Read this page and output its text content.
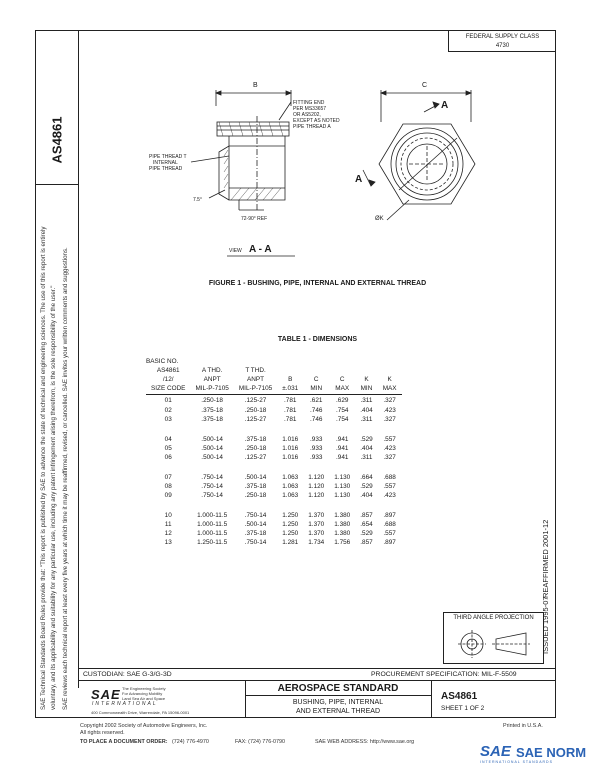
AS4861
SAE Technical Standards Board Rules provide that: "This report is published by SAE to advance the state of technical and engineering sciences. The use of this report is entirely voluntary, and its applicability and suitability for any particular use, including any patent infringement arising therefrom, is the sole responsibility of the user." SAE reviews each technical report at least every five years at which time it may be reaffirmed, revised, or cancelled. SAE invites your written comments and suggestions.
FEDERAL SUPPLY CLASS
4730
B	C
FITTING END
PER MS33657
OR AS5202,
EXCEPT AS NOTED
PIPE THREAD A
PIPE THREAD T
INTERNAL
PIPE THREAD
7.5°
72-90° REF
A
A
ØK
VIEW A - A
FIGURE 1 - BUSHING, PIPE, INTERNAL AND EXTERNAL THREAD
TABLE 1 - DIMENSIONS
BASIC NO.							
AS4861	A THD.	T THD.					
/12/	ANPT	ANPT	B	C	C	K	K
SIZE CODE	MIL-P-7105	MIL-P-7105	±.031	MIN	MAX	MIN	MAX
01	.250-18	.125-27	.781	.621	.629	.311	.327
02	.375-18	.250-18	.781	.746	.754	.404	.423
03	.375-18	.125-27	.781	.746	.754	.311	.327

04	.500-14	.375-18	1.016	.933	.941	.529	.557
05	.500-14	.250-18	1.016	.933	.941	.404	.423
06	.500-14	.125-27	1.016	.933	.941	.311	.327

07	.750-14	.500-14	1.063	1.120	1.130	.664	.688
08	.750-14	.375-18	1.063	1.120	1.130	.529	.557
09	.750-14	.250-18	1.063	1.120	1.130	.404	.423

10	1.000-11.5	.750-14	1.250	1.370	1.380	.857	.897
11	1.000-11.5	.500-14	1.250	1.370	1.380	.654	.688
12	1.000-11.5	.375-18	1.250	1.370	1.380	.529	.557
13	1.250-11.5	.750-14	1.281	1.734	1.756	.857	.897
ISSUED 1995-07
REAFFIRMED 2001-12
THIRD ANGLE PROJECTION
CUSTODIAN: SAE G-3/G-3D	PROCUREMENT SPECIFICATION: MIL-F-5509
SAE The Engineering Society
For Advancing Mobility
Land Sea Air and Space
INTERNATIONAL
400 Commonwealth Drive, Warrendale, PA 15096-0001
AEROSPACE STANDARD
BUSHING, PIPE, INTERNAL
AND EXTERNAL THREAD
AS4861
SHEET 1 OF 2
Copyright 2002 Society of Automotive Engineers, Inc.
All rights reserved.
Printed in U.S.A.
TO PLACE A DOCUMENT ORDER: (724) 776-4970	FAX: (724) 776-0790	SAE WEB ADDRESS: http://www.sae.org
SAE SAE NORM
INTERNATIONAL STANDARDS
